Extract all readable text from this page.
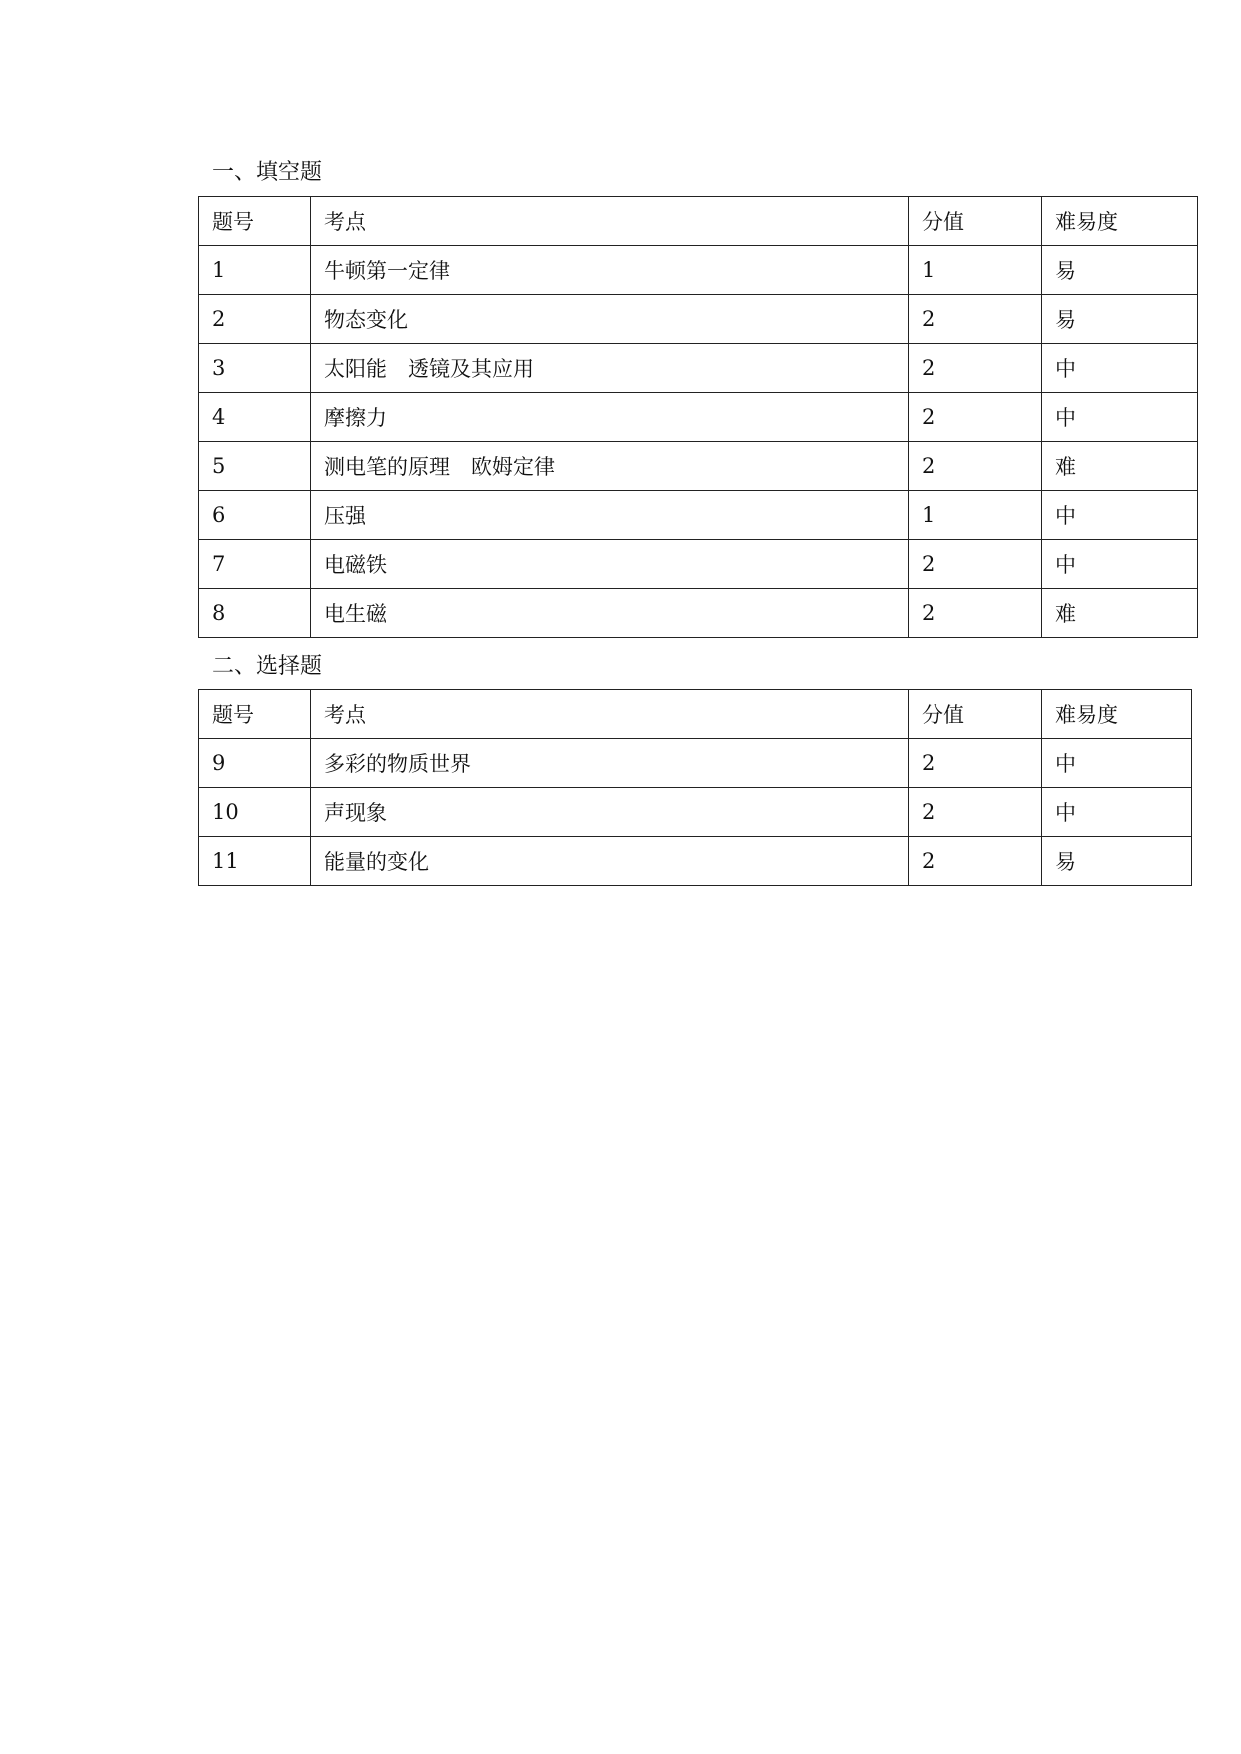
一、填空题
题号	考点	分值	难易度
1	牛顿第一定律	1	易
2	物态变化	2	易
3	太阳能　透镜及其应用	2	中
4	摩擦力	2	中
5	测电笔的原理　欧姆定律	2	难
6	压强	1	中
7	电磁铁	2	中
8	电生磁	2	难
二、选择题
题号	考点	分值	难易度
9	多彩的物质世界	2	中
10	声现象	2	中
11	能量的变化	2	易
